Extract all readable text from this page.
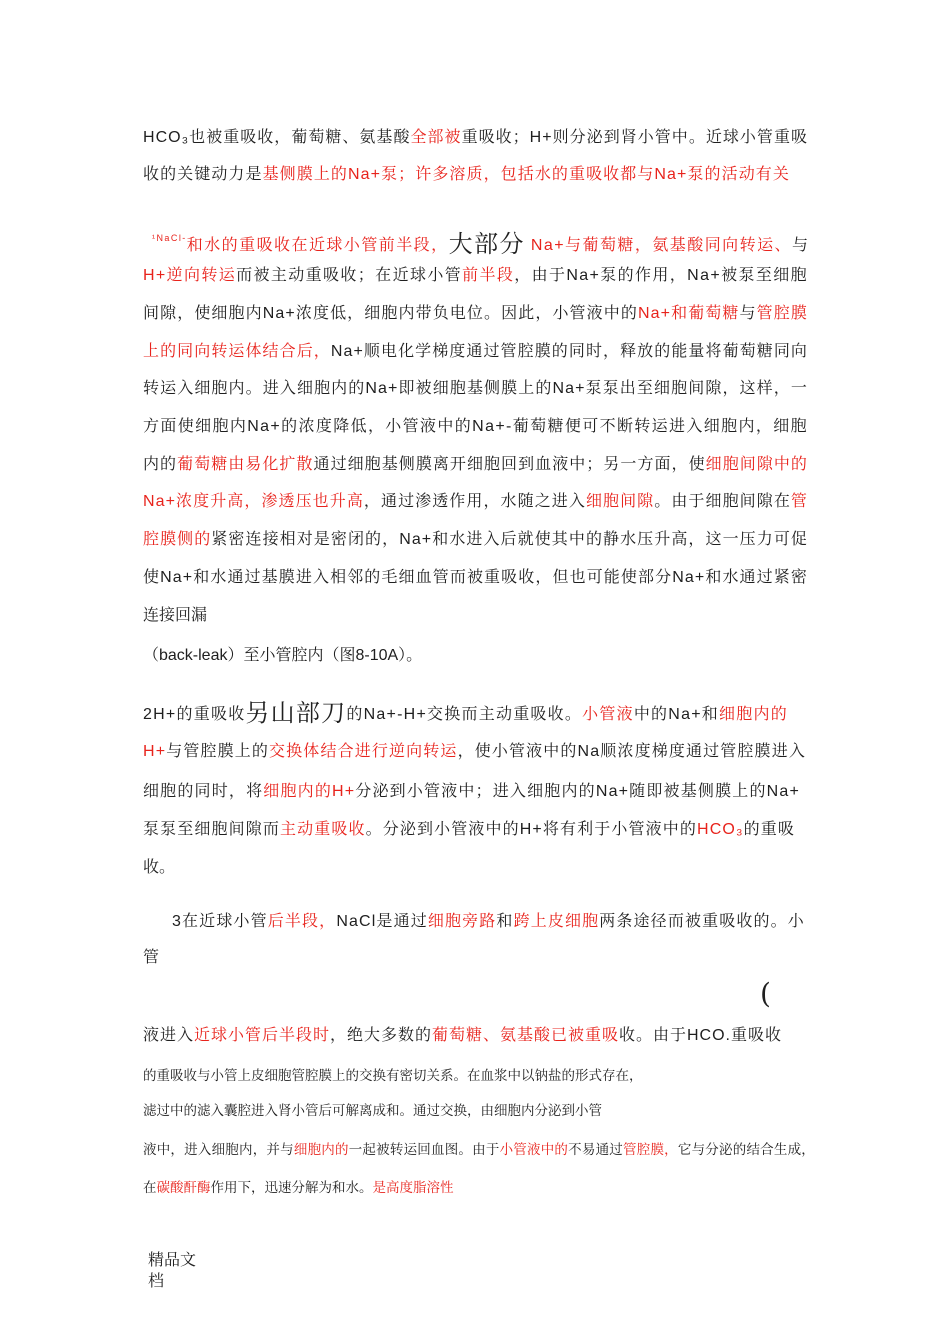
HCO₃也被重吸收，葡萄糖、氨基酸全部被重吸收；H+则分泌到肾小管中。近球小管重吸
收的关键动力是基侧膜上的Na+泵；许多溶质，包括水的重吸收都与Na+泵的活动有关
$^{^1NaCl-}$和水的重吸收在近球小管前半段，大部分 Na+与葡萄糖，氨基酸同向转运、与
H+逆向转运而被主动重吸收；在近球小管前半段，由于Na+泵的作用，Na+被泵至细胞
间隙，使细胞内Na+浓度低，细胞内带负电位。因此，小管液中的Na+和葡萄糖与管腔膜
上的同向转运体结合后，Na+顺电化学梯度通过管腔膜的同时，释放的能量将葡萄糖同向
转运入细胞内。进入细胞内的Na+即被细胞基侧膜上的Na+泵泵出至细胞间隙，这样，一
方面使细胞内Na+的浓度降低，小管液中的Na+-葡萄糖便可不断转运进入细胞内，细胞
内的葡萄糖由易化扩散通过细胞基侧膜离开细胞回到血液中；另一方面，使细胞间隙中的
Na+浓度升高，渗透压也升高，通过渗透作用，水随之进入细胞间隙。由于细胞间隙在管
腔膜侧的紧密连接相对是密闭的，Na+和水进入后就使其中的静水压升高，这一压力可促
使Na+和水通过基膜进入相邻的毛细血管而被重吸收，但也可能使部分Na+和水通过紧密
连接回漏
（back-leak）至小管腔内（图8-10A）。
2H+的重吸收另山部刀的Na+-H+交换而主动重吸收。小管液中的Na+和细胞内的
H+与管腔膜上的交换体结合进行逆向转运，使小管液中的Na顺浓度梯度通过管腔膜进入
细胞的同时，将细胞内的H+分泌到小管液中；进入细胞内的Na+随即被基侧膜上的Na+
泵泵至细胞间隙而主动重吸收。分泌到小管液中的H+将有利于小管液中的HCO₃的重吸
收。
3在近球小管后半段，NaCl是通过细胞旁路和跨上皮细胞两条途径而被重吸收的。小
管
(
液进入近球小管后半段时，绝大多数的葡萄糖、氨基酸已被重吸收。由于HCO.重吸收
的重吸收与小管上皮细胞管腔膜上的交换有密切关系。在血浆中以钠盐的形式存在，
滤过中的滤入囊腔进入肾小管后可解离成和。通过交换，由细胞内分泌到小管
液中，进入细胞内，并与细胞内的一起被转运回血图。由于小管液中的不易通过管腔膜，它与分泌的结合生成，
在碳酸酐酶作用下，迅速分解为和水。是高度脂溶性
精品文
档
